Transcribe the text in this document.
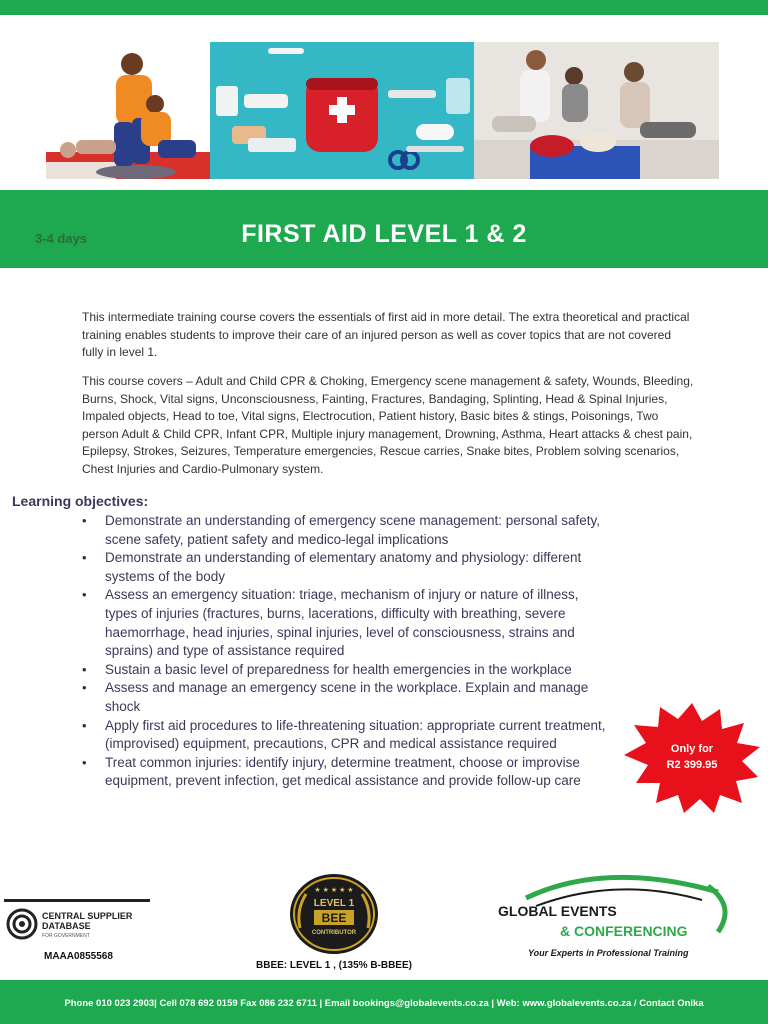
3-4 days	FIRST AID LEVEL 1 & 2

This intermediate training course covers the essentials of first aid in more detail. The extra theoretical and practical training enables students to improve their care of an injured person as well as cover topics that are not covered fully in level 1.

This course covers – Adult and Child CPR & Choking, Emergency scene management & safety, Wounds, Bleeding, Burns, Shock, Vital signs, Unconsciousness, Fainting, Fractures, Bandaging, Splinting, Head & Spinal Injuries, Impaled objects, Head to toe, Vital signs, Electrocution, Patient history, Basic bites & stings, Poisonings, Two person Adult & Child CPR, Infant CPR, Multiple injury management, Drowning, Asthma, Heart attacks & chest pain, Epilepsy, Strokes, Seizures, Temperature emergencies, Rescue carries, Snake bites, Problem solving scenarios, Chest Injuries and Cardio-Pulmonary system.

Learning objectives:
• Demonstrate an understanding of emergency scene management: personal safety, scene safety, patient safety and medico-legal implications
• Demonstrate an understanding of elementary anatomy and physiology: different systems of the body
• Assess an emergency situation: triage, mechanism of injury or nature of illness, types of injuries (fractures, burns, lacerations, difficulty with breathing, severe haemorrhage, head injuries, spinal injuries, level of consciousness, strains and sprains) and type of assistance required
• Sustain a basic level of preparedness for health emergencies in the workplace
• Assess and manage an emergency scene in the workplace. Explain and manage shock
• Apply first aid procedures to life-threatening situation: appropriate current treatment, (improvised) equipment, precautions, CPR and medical assistance required
• Treat common injuries: identify injury, determine treatment, choose or improvise equipment, prevent infection, get medical assistance and provide follow-up care
Only for
R2 399.95
CENTRAL SUPPLIER
DATABASE
FOR GOVERNMENT
MAAA0855568
★ ★ ★ ★ ★
LEVEL 1
BEE
CONTRIBUTOR
BBEE: LEVEL 1 , (135% B-BBEE)
GLOBAL EVENTS
& CONFERENCING
Your Experts in Professional Training
Phone 010 023 2903| Cell 078 692 0159 Fax 086 232 6711 | Email bookings@globalevents.co.za | Web: www.globalevents.co.za / Contact Onika
